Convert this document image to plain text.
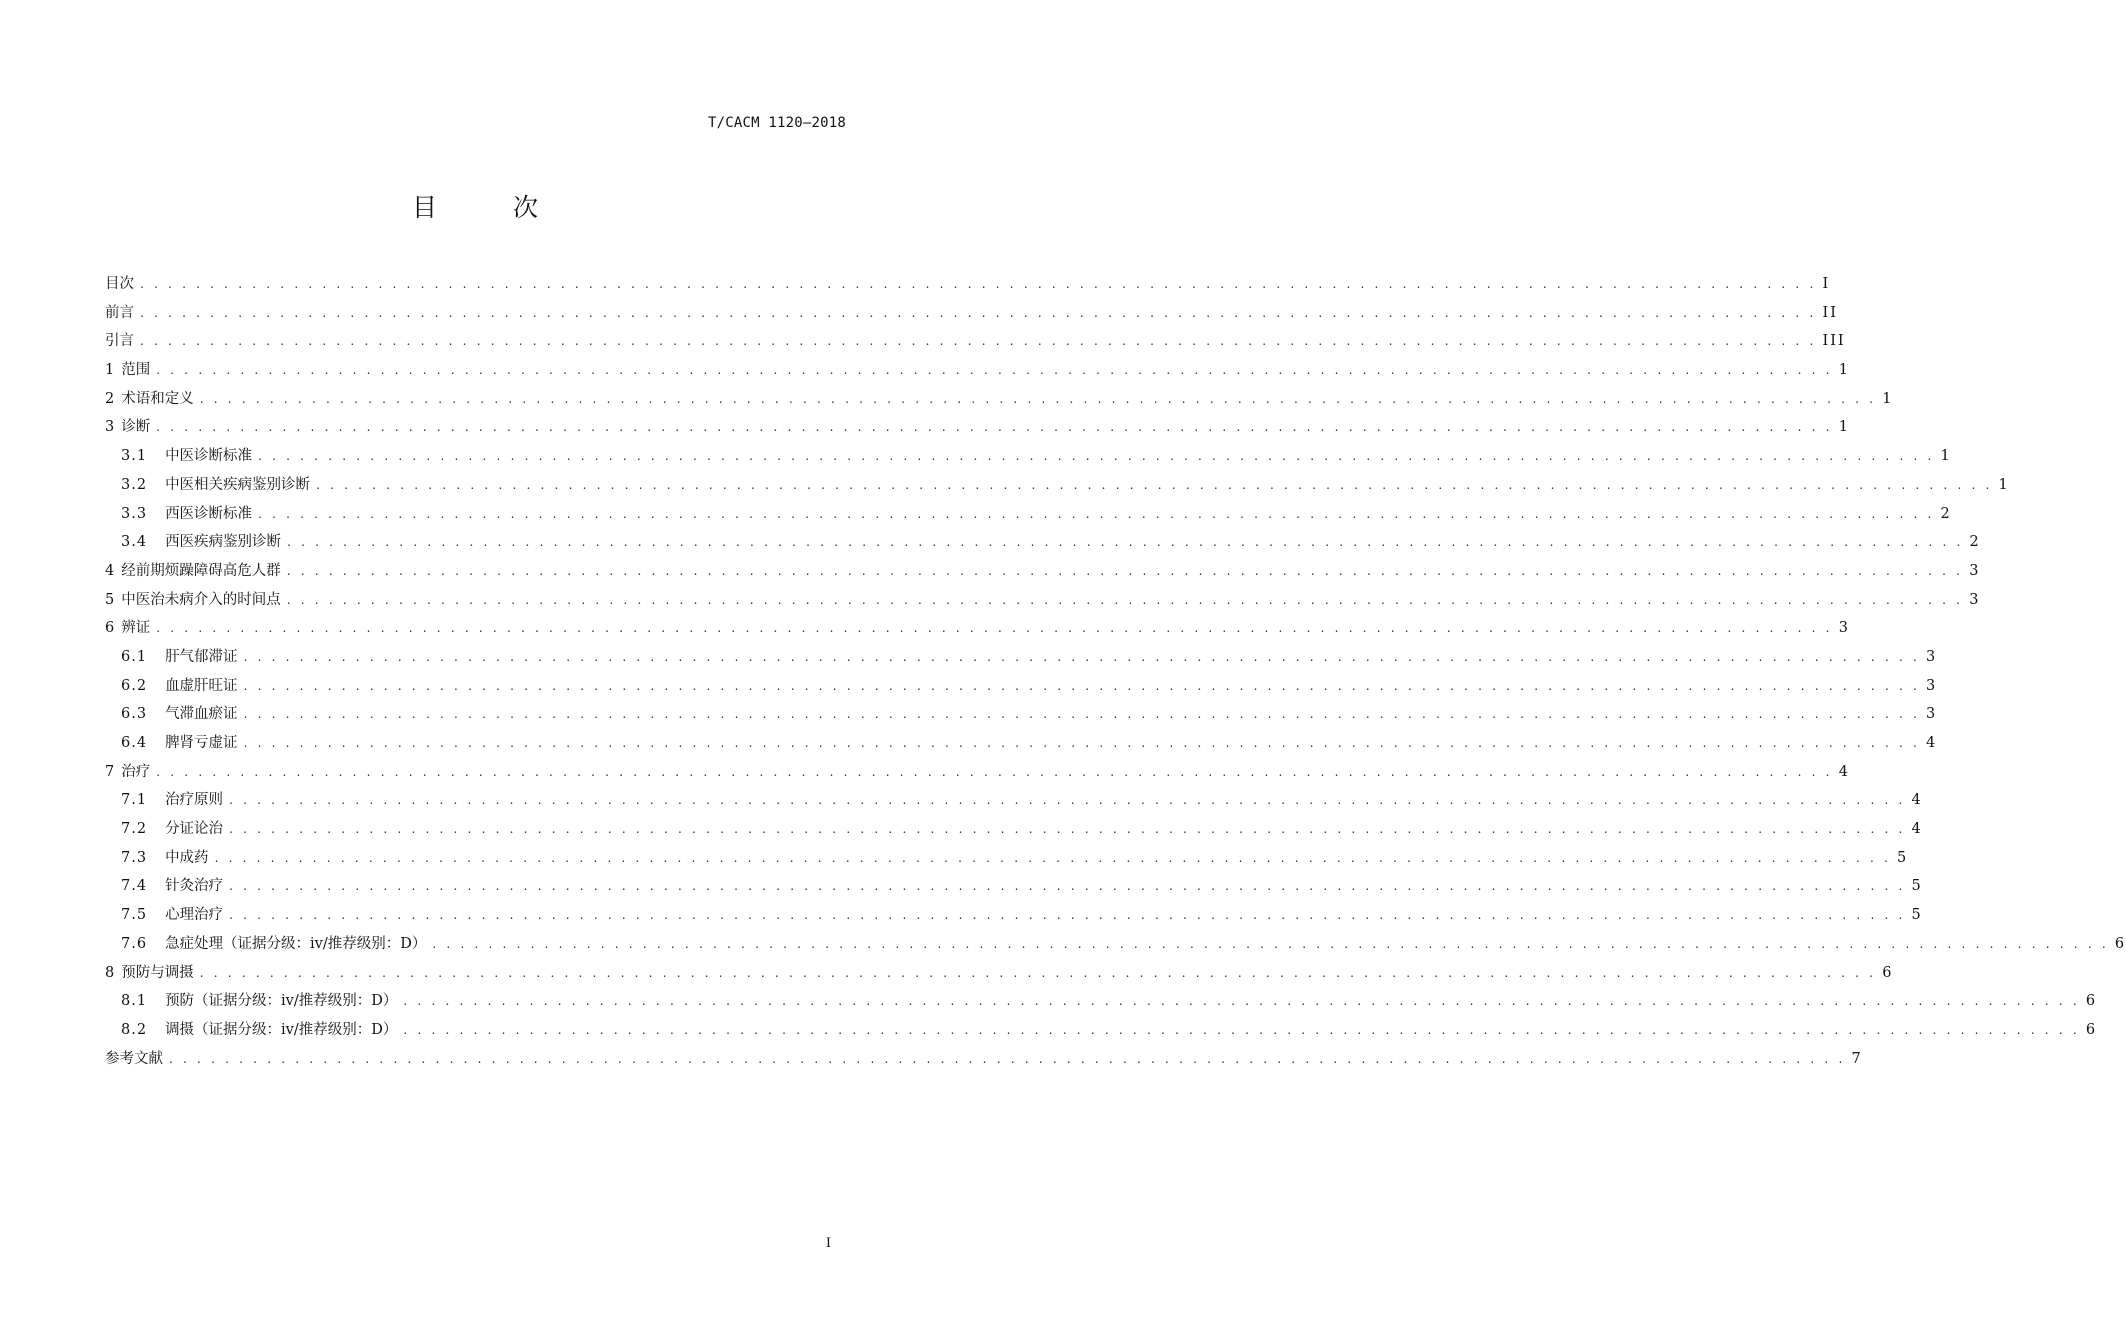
T/CACM 1120—2018
目 次
目次 . . . . . . . . . . . . . . . . . . . . . . . . . . . . . . . . . . . . . . . . . . . . . . . . . . . . . . . . . . . . . . . . . . . . . . . . . . . . . . . . . . . . . . . . . . . . . . . . . . . . . . . . . . . . . . . . . . . . . . . . I
前言 . . . . . . . . . . . . . . . . . . . . . . . . . . . . . . . . . . . . . . . . . . . . . . . . . . . . . . . . . . . . . . . . . . . . . . . . . . . . . . . . . . . . . . . . . . . . . . . . . . . . . . . . . . . . . . . . . . . . . . . . II
引言 . . . . . . . . . . . . . . . . . . . . . . . . . . . . . . . . . . . . . . . . . . . . . . . . . . . . . . . . . . . . . . . . . . . . . . . . . . . . . . . . . . . . . . . . . . . . . . . . . . . . . . . . . . . . . . . . . . . . . . . . III
1 范围 . . . . . . . . . . . . . . . . . . . . . . . . . . . . . . . . . . . . . . . . . . . . . . . . . . . . . . . . . . . . . . . . . . . . . . . . . . . . . . . . . . . . . . . . . . . . . . . . . . . . . . . . . . . . . . . . . . . . . . . . 1
2 术语和定义 . . . . . . . . . . . . . . . . . . . . . . . . . . . . . . . . . . . . . . . . . . . . . . . . . . . . . . . . . . . . . . . . . . . . . . . . . . . . . . . . . . . . . . . . . . . . . . . . . . . . . . . . . . . . . . . . . . . . . . . . 1
3 诊断 . . . . . . . . . . . . . . . . . . . . . . . . . . . . . . . . . . . . . . . . . . . . . . . . . . . . . . . . . . . . . . . . . . . . . . . . . . . . . . . . . . . . . . . . . . . . . . . . . . . . . . . . . . . . . . . . . . . . . . . . 1
3.1 中医诊断标准 . . . . . . . . . . . . . . . . . . . . . . . . . . . . . . . . . . . . . . . . . . . . . . . . . . . . . . . . . . . . . . . . . . . . . . . . . . . . . . . . . . . . . . . . . . . . . . . . . . . . . . . . . . . . . . . . . . . . . . . . 1
3.2 中医相关疾病鉴别诊断 . . . . . . . . . . . . . . . . . . . . . . . . . . . . . . . . . . . . . . . . . . . . . . . . . . . . . . . . . . . . . . . . . . . . . . . . . . . . . . . . . . . . . . . . . . . . . . . . . . . . . . . . . . . . . . . . . . . . . . . . 1
3.3 西医诊断标准 . . . . . . . . . . . . . . . . . . . . . . . . . . . . . . . . . . . . . . . . . . . . . . . . . . . . . . . . . . . . . . . . . . . . . . . . . . . . . . . . . . . . . . . . . . . . . . . . . . . . . . . . . . . . . . . . . . . . . . . . 2
3.4 西医疾病鉴别诊断 . . . . . . . . . . . . . . . . . . . . . . . . . . . . . . . . . . . . . . . . . . . . . . . . . . . . . . . . . . . . . . . . . . . . . . . . . . . . . . . . . . . . . . . . . . . . . . . . . . . . . . . . . . . . . . . . . . . . . . . . 2
4 经前期烦躁障碍高危人群 . . . . . . . . . . . . . . . . . . . . . . . . . . . . . . . . . . . . . . . . . . . . . . . . . . . . . . . . . . . . . . . . . . . . . . . . . . . . . . . . . . . . . . . . . . . . . . . . . . . . . . . . . . . . . . . . . . . . . . . . 3
5 中医治未病介入的时间点 . . . . . . . . . . . . . . . . . . . . . . . . . . . . . . . . . . . . . . . . . . . . . . . . . . . . . . . . . . . . . . . . . . . . . . . . . . . . . . . . . . . . . . . . . . . . . . . . . . . . . . . . . . . . . . . . . . . . . . . . 3
6 辨证 . . . . . . . . . . . . . . . . . . . . . . . . . . . . . . . . . . . . . . . . . . . . . . . . . . . . . . . . . . . . . . . . . . . . . . . . . . . . . . . . . . . . . . . . . . . . . . . . . . . . . . . . . . . . . . . . . . . . . . . . 3
6.1 肝气郁滞证 . . . . . . . . . . . . . . . . . . . . . . . . . . . . . . . . . . . . . . . . . . . . . . . . . . . . . . . . . . . . . . . . . . . . . . . . . . . . . . . . . . . . . . . . . . . . . . . . . . . . . . . . . . . . . . . . . . . . . . . . 3
6.2 血虚肝旺证 . . . . . . . . . . . . . . . . . . . . . . . . . . . . . . . . . . . . . . . . . . . . . . . . . . . . . . . . . . . . . . . . . . . . . . . . . . . . . . . . . . . . . . . . . . . . . . . . . . . . . . . . . . . . . . . . . . . . . . . . 3
6.3 气滞血瘀证 . . . . . . . . . . . . . . . . . . . . . . . . . . . . . . . . . . . . . . . . . . . . . . . . . . . . . . . . . . . . . . . . . . . . . . . . . . . . . . . . . . . . . . . . . . . . . . . . . . . . . . . . . . . . . . . . . . . . . . . . 3
6.4 脾肾亏虚证 . . . . . . . . . . . . . . . . . . . . . . . . . . . . . . . . . . . . . . . . . . . . . . . . . . . . . . . . . . . . . . . . . . . . . . . . . . . . . . . . . . . . . . . . . . . . . . . . . . . . . . . . . . . . . . . . . . . . . . . . 4
7 治疗 . . . . . . . . . . . . . . . . . . . . . . . . . . . . . . . . . . . . . . . . . . . . . . . . . . . . . . . . . . . . . . . . . . . . . . . . . . . . . . . . . . . . . . . . . . . . . . . . . . . . . . . . . . . . . . . . . . . . . . . . 4
7.1 治疗原则 . . . . . . . . . . . . . . . . . . . . . . . . . . . . . . . . . . . . . . . . . . . . . . . . . . . . . . . . . . . . . . . . . . . . . . . . . . . . . . . . . . . . . . . . . . . . . . . . . . . . . . . . . . . . . . . . . . . . . . . . 4
7.2 分证论治 . . . . . . . . . . . . . . . . . . . . . . . . . . . . . . . . . . . . . . . . . . . . . . . . . . . . . . . . . . . . . . . . . . . . . . . . . . . . . . . . . . . . . . . . . . . . . . . . . . . . . . . . . . . . . . . . . . . . . . . . 4
7.3 中成药 . . . . . . . . . . . . . . . . . . . . . . . . . . . . . . . . . . . . . . . . . . . . . . . . . . . . . . . . . . . . . . . . . . . . . . . . . . . . . . . . . . . . . . . . . . . . . . . . . . . . . . . . . . . . . . . . . . . . . . . . 5
7.4 针灸治疗 . . . . . . . . . . . . . . . . . . . . . . . . . . . . . . . . . . . . . . . . . . . . . . . . . . . . . . . . . . . . . . . . . . . . . . . . . . . . . . . . . . . . . . . . . . . . . . . . . . . . . . . . . . . . . . . . . . . . . . . . 5
7.5 心理治疗 . . . . . . . . . . . . . . . . . . . . . . . . . . . . . . . . . . . . . . . . . . . . . . . . . . . . . . . . . . . . . . . . . . . . . . . . . . . . . . . . . . . . . . . . . . . . . . . . . . . . . . . . . . . . . . . . . . . . . . . . 5
7.6 急症处理（证据分级：ⅳ/推荐级别：D） . . . . . . . . . . . . . . . . . . . . . . . . . . . . . . . . . . . . . . . . . . . . . . . . . . . . . . . . . . . . . . . . . . . . . . . . . . . . . . . . . . . . . . . . . . . . . . . . . . . . . . . . . . . . . . . . . . . . . . . . 6
8 预防与调摄 . . . . . . . . . . . . . . . . . . . . . . . . . . . . . . . . . . . . . . . . . . . . . . . . . . . . . . . . . . . . . . . . . . . . . . . . . . . . . . . . . . . . . . . . . . . . . . . . . . . . . . . . . . . . . . . . . . . . . . . . 6
8.1 预防（证据分级：ⅳ/推荐级别：D） . . . . . . . . . . . . . . . . . . . . . . . . . . . . . . . . . . . . . . . . . . . . . . . . . . . . . . . . . . . . . . . . . . . . . . . . . . . . . . . . . . . . . . . . . . . . . . . . . . . . . . . . . . . . . . . . . . . . . . . . 6
8.2 调摄（证据分级：ⅳ/推荐级别：D） . . . . . . . . . . . . . . . . . . . . . . . . . . . . . . . . . . . . . . . . . . . . . . . . . . . . . . . . . . . . . . . . . . . . . . . . . . . . . . . . . . . . . . . . . . . . . . . . . . . . . . . . . . . . . . . . . . . . . . . . 6
参考文献 . . . . . . . . . . . . . . . . . . . . . . . . . . . . . . . . . . . . . . . . . . . . . . . . . . . . . . . . . . . . . . . . . . . . . . . . . . . . . . . . . . . . . . . . . . . . . . . . . . . . . . . . . . . . . . . . . . . . . . . . 7
I
